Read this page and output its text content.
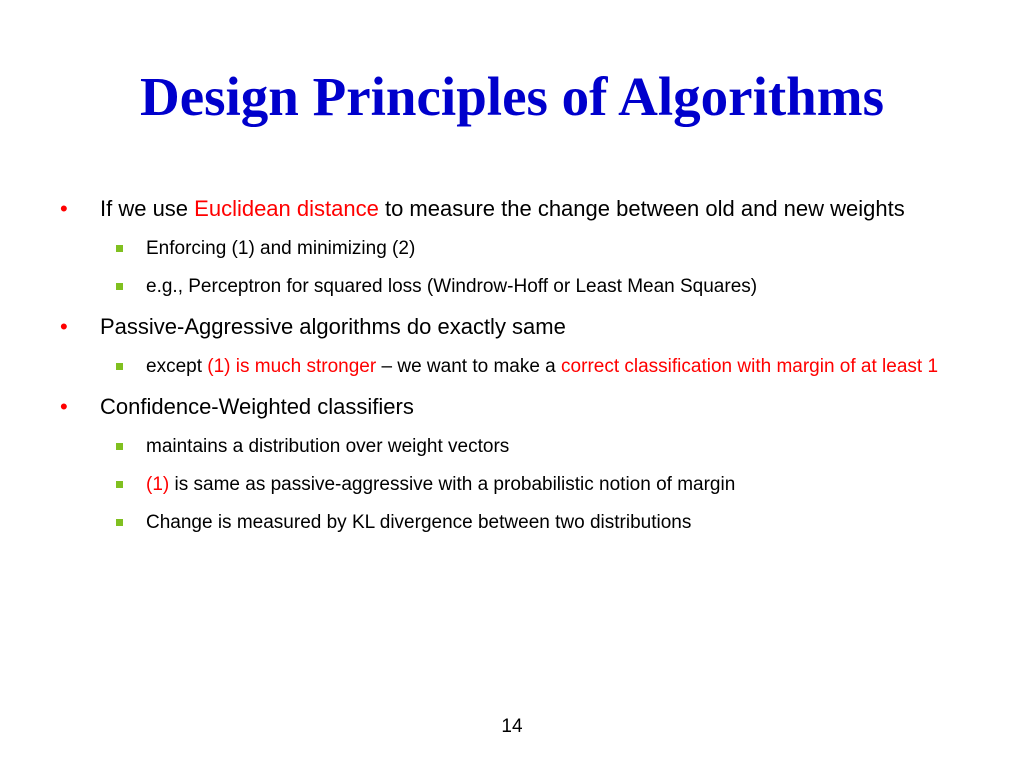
Design Principles of Algorithms
• If we use Euclidean distance to measure the change between old and new weights
Enforcing (1) and minimizing (2)
e.g., Perceptron for squared loss (Windrow-Hoff or Least Mean Squares)
• Passive-Aggressive algorithms do exactly same
except (1) is much stronger – we want to make a correct classification with margin of at least 1
• Confidence-Weighted classifiers
maintains a distribution over weight vectors
(1) is same as passive-aggressive with a probabilistic notion of margin
Change is measured by KL divergence between two distributions
14
